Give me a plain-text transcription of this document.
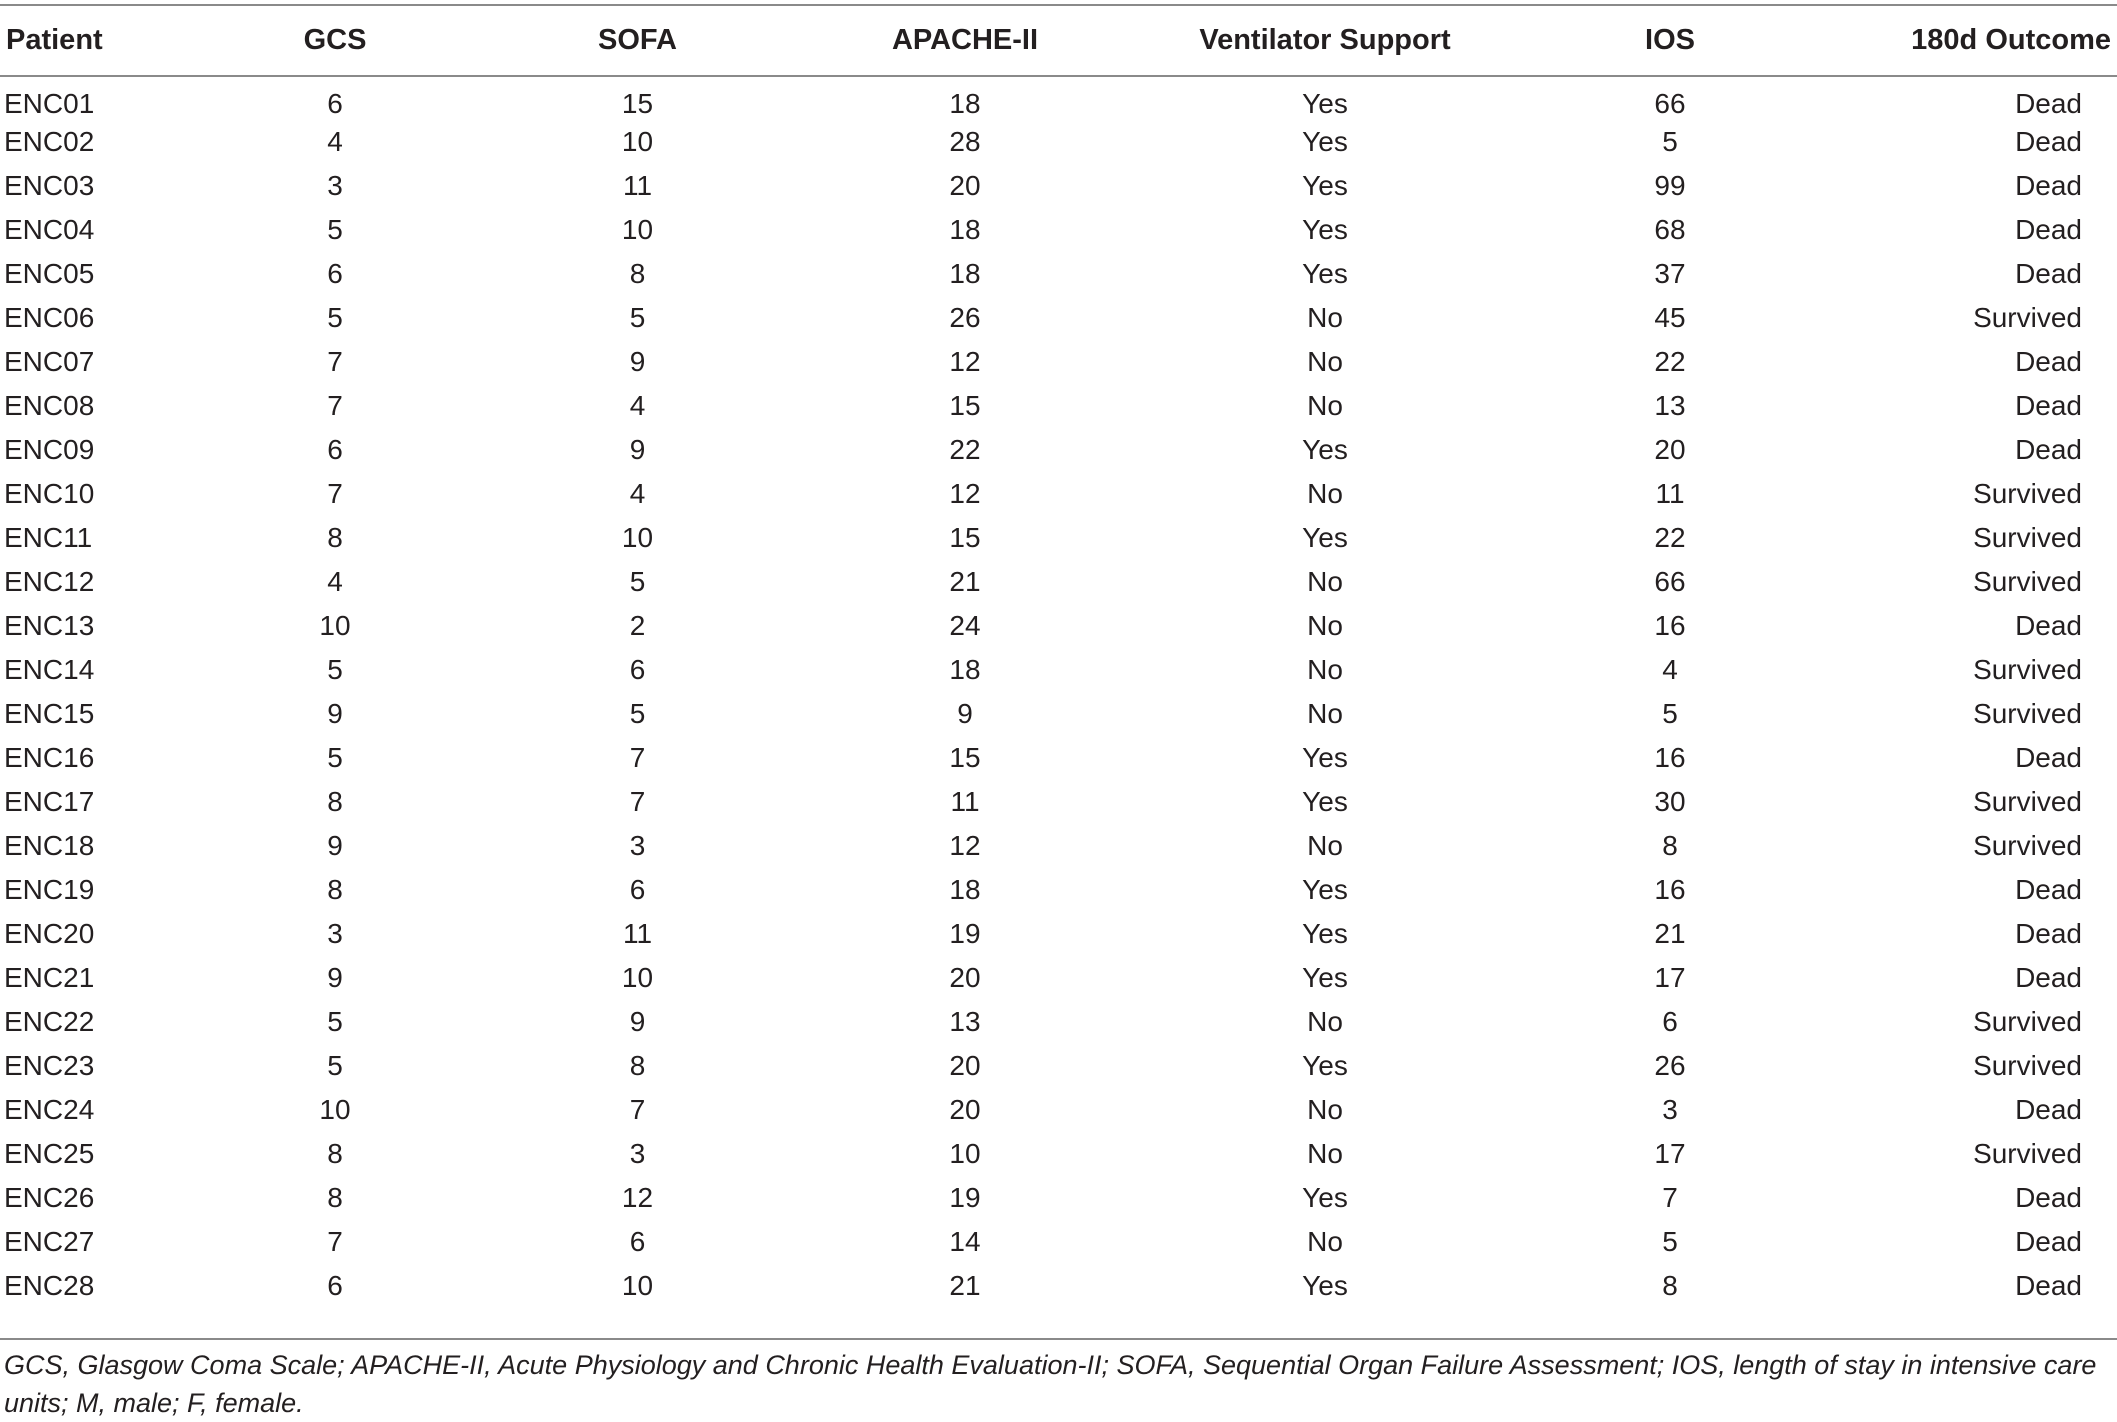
Patient	GCS	SOFA	APACHE-II	Ventilator Support	IOS	180d Outcome
ENC01	6	15	18	Yes	66	Dead
ENC02	4	10	28	Yes	5	Dead
ENC03	3	11	20	Yes	99	Dead
ENC04	5	10	18	Yes	68	Dead
ENC05	6	8	18	Yes	37	Dead
ENC06	5	5	26	No	45	Survived
ENC07	7	9	12	No	22	Dead
ENC08	7	4	15	No	13	Dead
ENC09	6	9	22	Yes	20	Dead
ENC10	7	4	12	No	11	Survived
ENC11	8	10	15	Yes	22	Survived
ENC12	4	5	21	No	66	Survived
ENC13	10	2	24	No	16	Dead
ENC14	5	6	18	No	4	Survived
ENC15	9	5	9	No	5	Survived
ENC16	5	7	15	Yes	16	Dead
ENC17	8	7	11	Yes	30	Survived
ENC18	9	3	12	No	8	Survived
ENC19	8	6	18	Yes	16	Dead
ENC20	3	11	19	Yes	21	Dead
ENC21	9	10	20	Yes	17	Dead
ENC22	5	9	13	No	6	Survived
ENC23	5	8	20	Yes	26	Survived
ENC24	10	7	20	No	3	Dead
ENC25	8	3	10	No	17	Survived
ENC26	8	12	19	Yes	7	Dead
ENC27	7	6	14	No	5	Dead
ENC28	6	10	21	Yes	8	Dead
GCS, Glasgow Coma Scale; APACHE-II, Acute Physiology and Chronic Health Evaluation-II; SOFA, Sequential Organ Failure Assessment; IOS, length of stay in intensive care units; M, male; F, female.
